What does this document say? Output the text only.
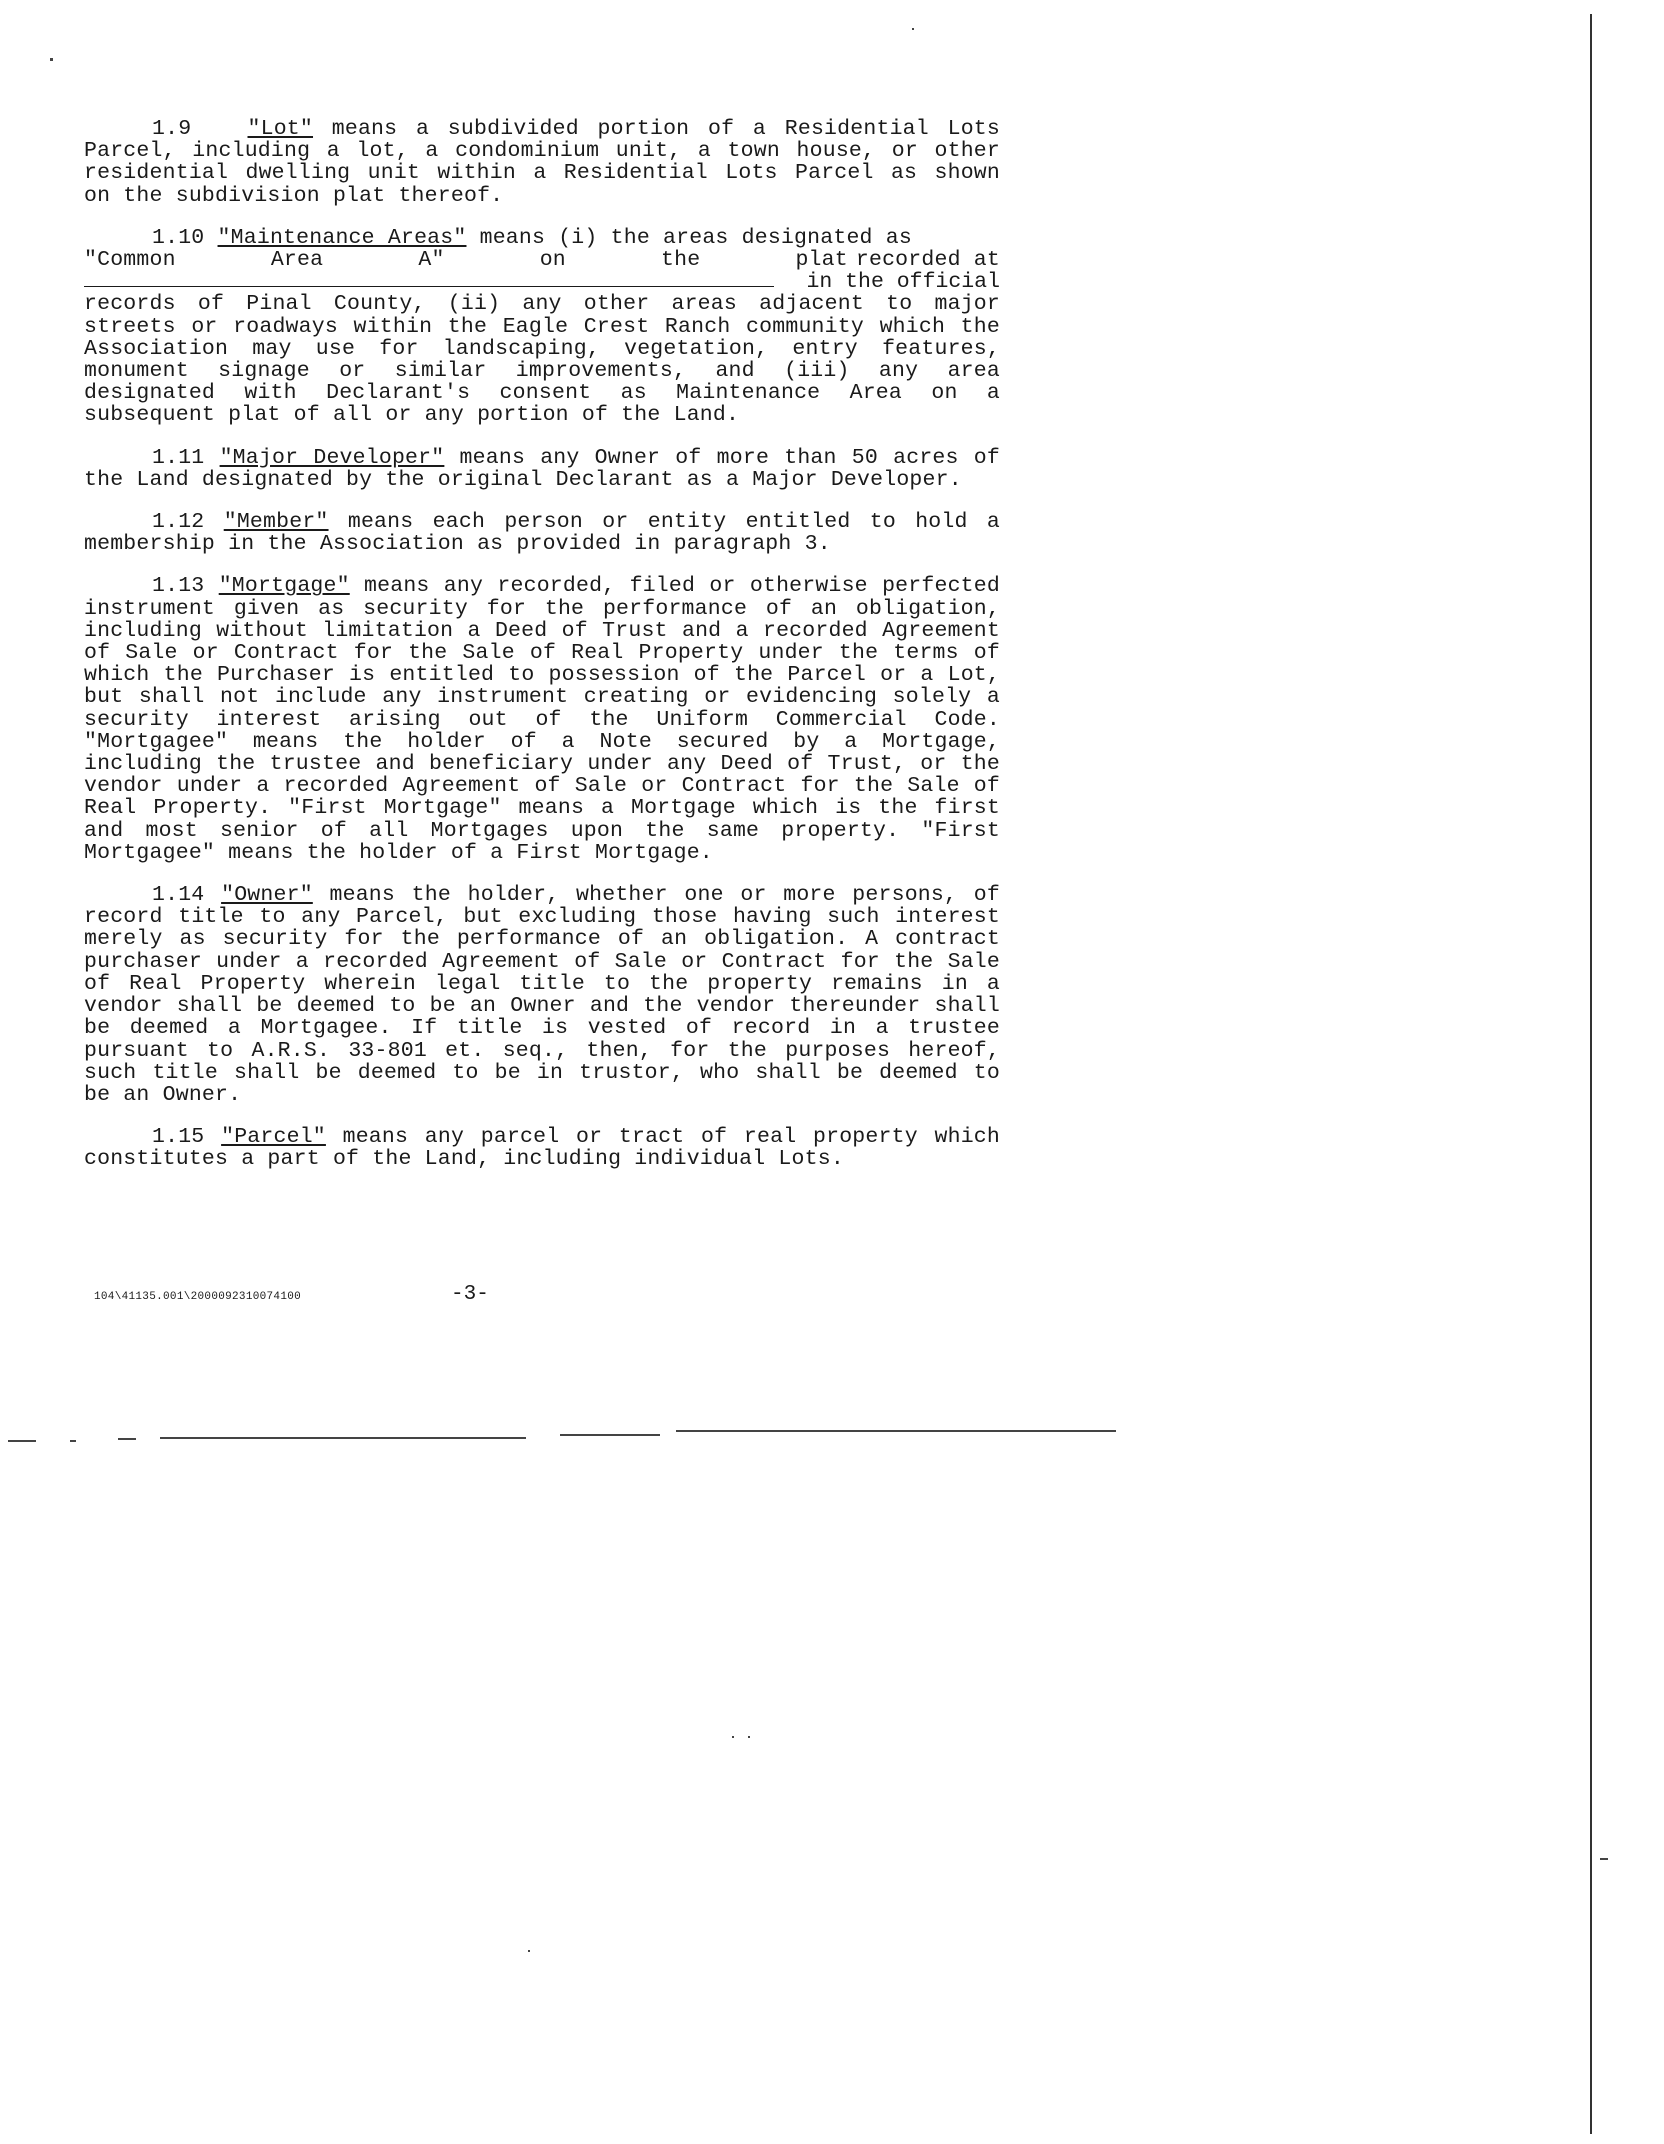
1.9	"Lot" means a subdivided portion of a Residential Lots Parcel, including a lot, a condominium unit, a town house, or other residential dwelling unit within a Residential Lots Parcel as shown on the subdivision plat thereof.

1.10 "Maintenance Areas" means (i) the areas designated as

"Common	Area	A"	on	the	plat recorded at
in the official

records of Pinal County, (ii) any other areas adjacent to major streets or roadways within the Eagle Crest Ranch community which the Association may use for landscaping, vegetation, entry features, monument signage or similar improvements, and (iii) any area designated with Declarant's consent as Maintenance Area on a subsequent plat of all or any portion of the Land.

1.11 "Major Developer" means any Owner of more than 50 acres of the Land designated by the original Declarant as a Major Developer.

1.12 "Member" means each person or entity entitled to hold a membership in the Association as provided in paragraph 3.

1.13 "Mortgage" means any recorded, filed or otherwise perfected instrument given as security for the performance of an obligation, including without limitation a Deed of Trust and a recorded Agreement of Sale or Contract for the Sale of Real Property under the terms of which the Purchaser is entitled to possession of the Parcel or a Lot, but shall not include any instrument creating or evidencing solely a security interest arising out of the Uniform Commercial Code. "Mortgagee" means the holder of a Note secured by a Mortgage, including the trustee and beneficiary under any Deed of Trust, or the vendor under a recorded Agreement of Sale or Contract for the Sale of Real Property. "First Mortgage" means a Mortgage which is the first and most senior of all Mortgages upon the same property. "First Mortgagee" means the holder of a First Mortgage.

1.14 "Owner" means the holder, whether one or more persons, of record title to any Parcel, but excluding those having such interest merely as security for the performance of an obligation. A contract purchaser under a recorded Agreement of Sale or Contract for the Sale of Real Property wherein legal title to the property remains in a vendor shall be deemed to be an Owner and the vendor thereunder shall be deemed a Mortgagee. If title is vested of record in a trustee pursuant to A.R.S. 33-801 et. seq., then, for the purposes hereof, such title shall be deemed to be in trustor, who shall be deemed to be an Owner.

1.15 "Parcel" means any parcel or tract of real property which constitutes a part of the Land, including individual Lots.

104\41135.001\2000092310074100	-3-
